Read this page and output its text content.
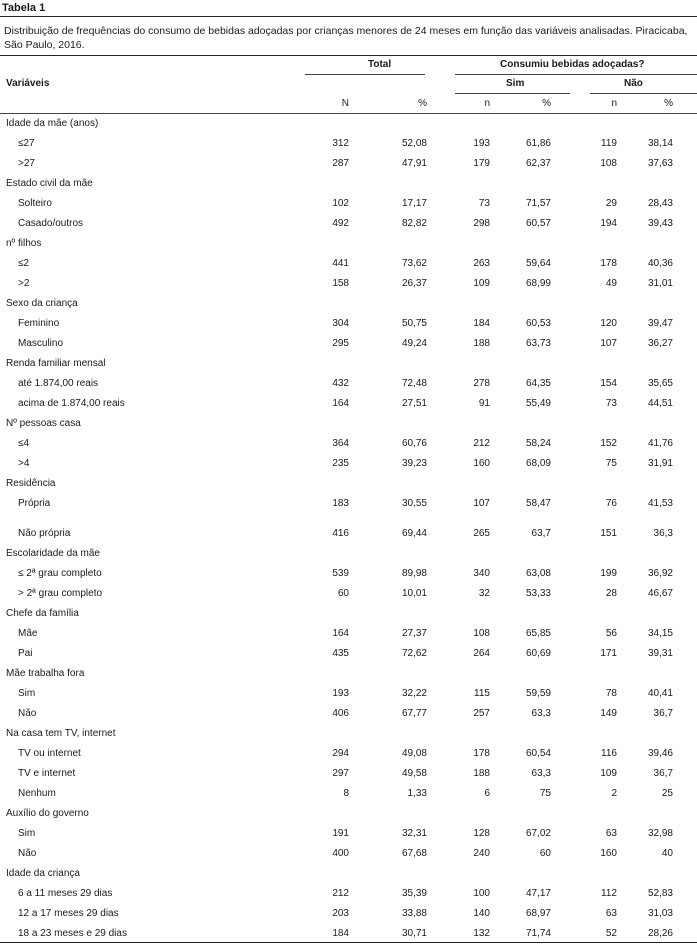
Tabela 1
Distribuição de frequências do consumo de bebidas adoçadas por crianças menores de 24 meses em função das variáveis analisadas. Piracicaba, São Paulo, 2016.
Variáveis
Total	Consumiu bebidas adoçadas?
Sim	Não
N	%	n	%	n	%
Idade da mãe (anos)
≤27	312	52,08	193	61,86	119	38,14
>27	287	47,91	179	62,37	108	37,63
Estado civil da mãe
Solteiro	102	17,17	73	71,57	29	28,43
Casado/outros	492	82,82	298	60,57	194	39,43
nº filhos
≤2	441	73,62	263	59,64	178	40,36
>2	158	26,37	109	68,99	49	31,01
Sexo da criança
Feminino	304	50,75	184	60,53	120	39,47
Masculino	295	49,24	188	63,73	107	36,27
Renda familiar mensal
até 1.874,00 reais	432	72,48	278	64,35	154	35,65
acima de 1.874,00 reais	164	27,51	91	55,49	73	44,51
Nº pessoas casa
≤4	364	60,76	212	58,24	152	41,76
>4	235	39,23	160	68,09	75	31,91
Residência
Própria	183	30,55	107	58,47	76	41,53
Não própria	416	69,44	265	63,7	151	36,3
Escolaridade da mãe
≤ 2ª grau completo	539	89,98	340	63,08	199	36,92
> 2ª grau completo	60	10,01	32	53,33	28	46,67
Chefe da família
Mãe	164	27,37	108	65,85	56	34,15
Pai	435	72,62	264	60,69	171	39,31
Mãe trabalha fora
Sim	193	32,22	115	59,59	78	40,41
Não	406	67,77	257	63,3	149	36,7
Na casa tem TV, internet
TV ou internet	294	49,08	178	60,54	116	39,46
TV e internet	297	49,58	188	63,3	109	36,7
Nenhum	8	1,33	6	75	2	25
Auxílio do governo
Sim	191	32,31	128	67,02	63	32,98
Não	400	67,68	240	60	160	40
Idade da criança
6 a 11 meses 29 dias	212	35,39	100	47,17	112	52,83
12 a 17 meses 29 dias	203	33,88	140	68,97	63	31,03
18 a 23 meses e 29 dias	184	30,71	132	71,74	52	28,26
